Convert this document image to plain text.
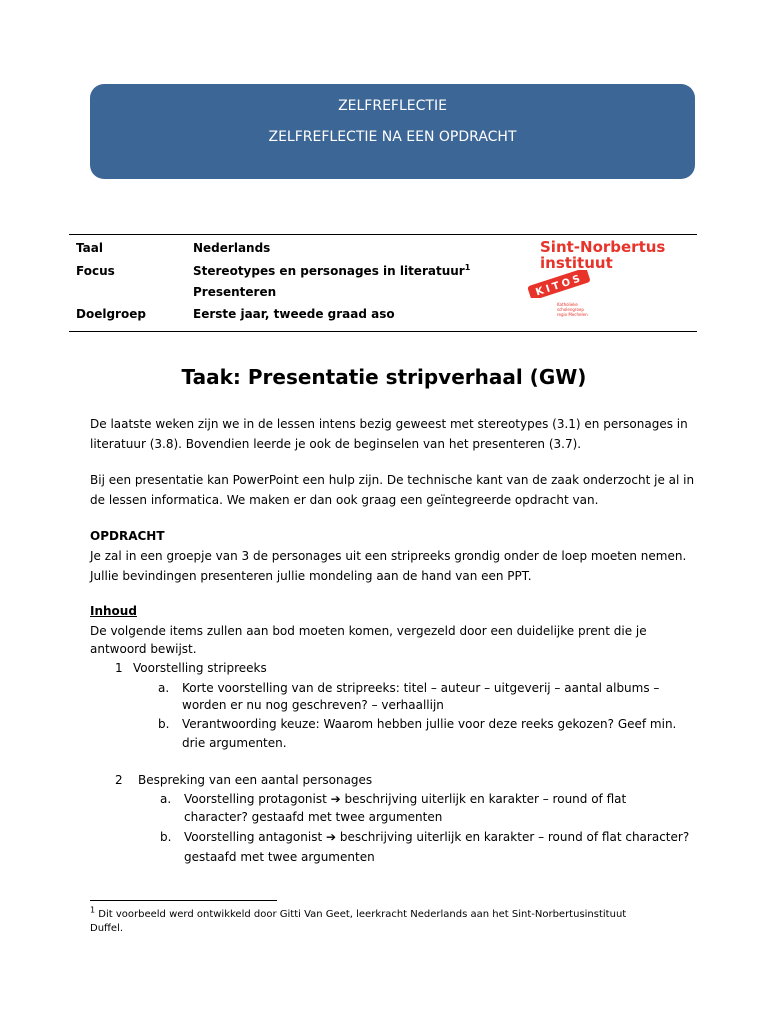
ZELFREFLECTIE
ZELFREFLECTIE NA EEN OPDRACHT
Taal	Nederlands
Focus	Stereotypes en personages in literatuur$^1$
Presenteren
Doelgroep	Eerste jaar, tweede graad aso
Sint-Norbertus
instituut
KITOS
Katholieke
scholengroep
regio Mechelen
Taak: Presentatie stripverhaal (GW)
De laatste weken zijn we in de lessen intens bezig geweest met stereotypes (3.1) en personages in
literatuur (3.8). Bovendien leerde je ook de beginselen van het presenteren (3.7).
Bij een presentatie kan PowerPoint een hulp zijn. De technische kant van de zaak onderzocht je al in
de lessen informatica. We maken er dan ook graag een geïntegreerde opdracht van.
OPDRACHT
Je zal in een groepje van 3 de personages uit een stripreeks grondig onder de loep moeten nemen.
Jullie bevindingen presenteren jullie mondeling aan de hand van een PPT.
Inhoud
De volgende items zullen aan bod moeten komen, vergezeld door een duidelijke prent die je
antwoord bewijst.
1 Voorstelling stripreeks
a. Korte voorstelling van de stripreeks: titel – auteur – uitgeverij – aantal albums –
worden er nu nog geschreven? – verhaallijn
b. Verantwoording keuze: Waarom hebben jullie voor deze reeks gekozen? Geef min.
drie argumenten.
2 Bespreking van een aantal personages
a. Voorstelling protagonist ➔ beschrijving uiterlijk en karakter – round of flat
character? gestaafd met twee argumenten
b. Voorstelling antagonist ➔ beschrijving uiterlijk en karakter – round of flat character?
gestaafd met twee argumenten
$^1$ Dit voorbeeld werd ontwikkeld door Gitti Van Geet, leerkracht Nederlands aan het Sint-Norbertusinstituut
Duffel.
